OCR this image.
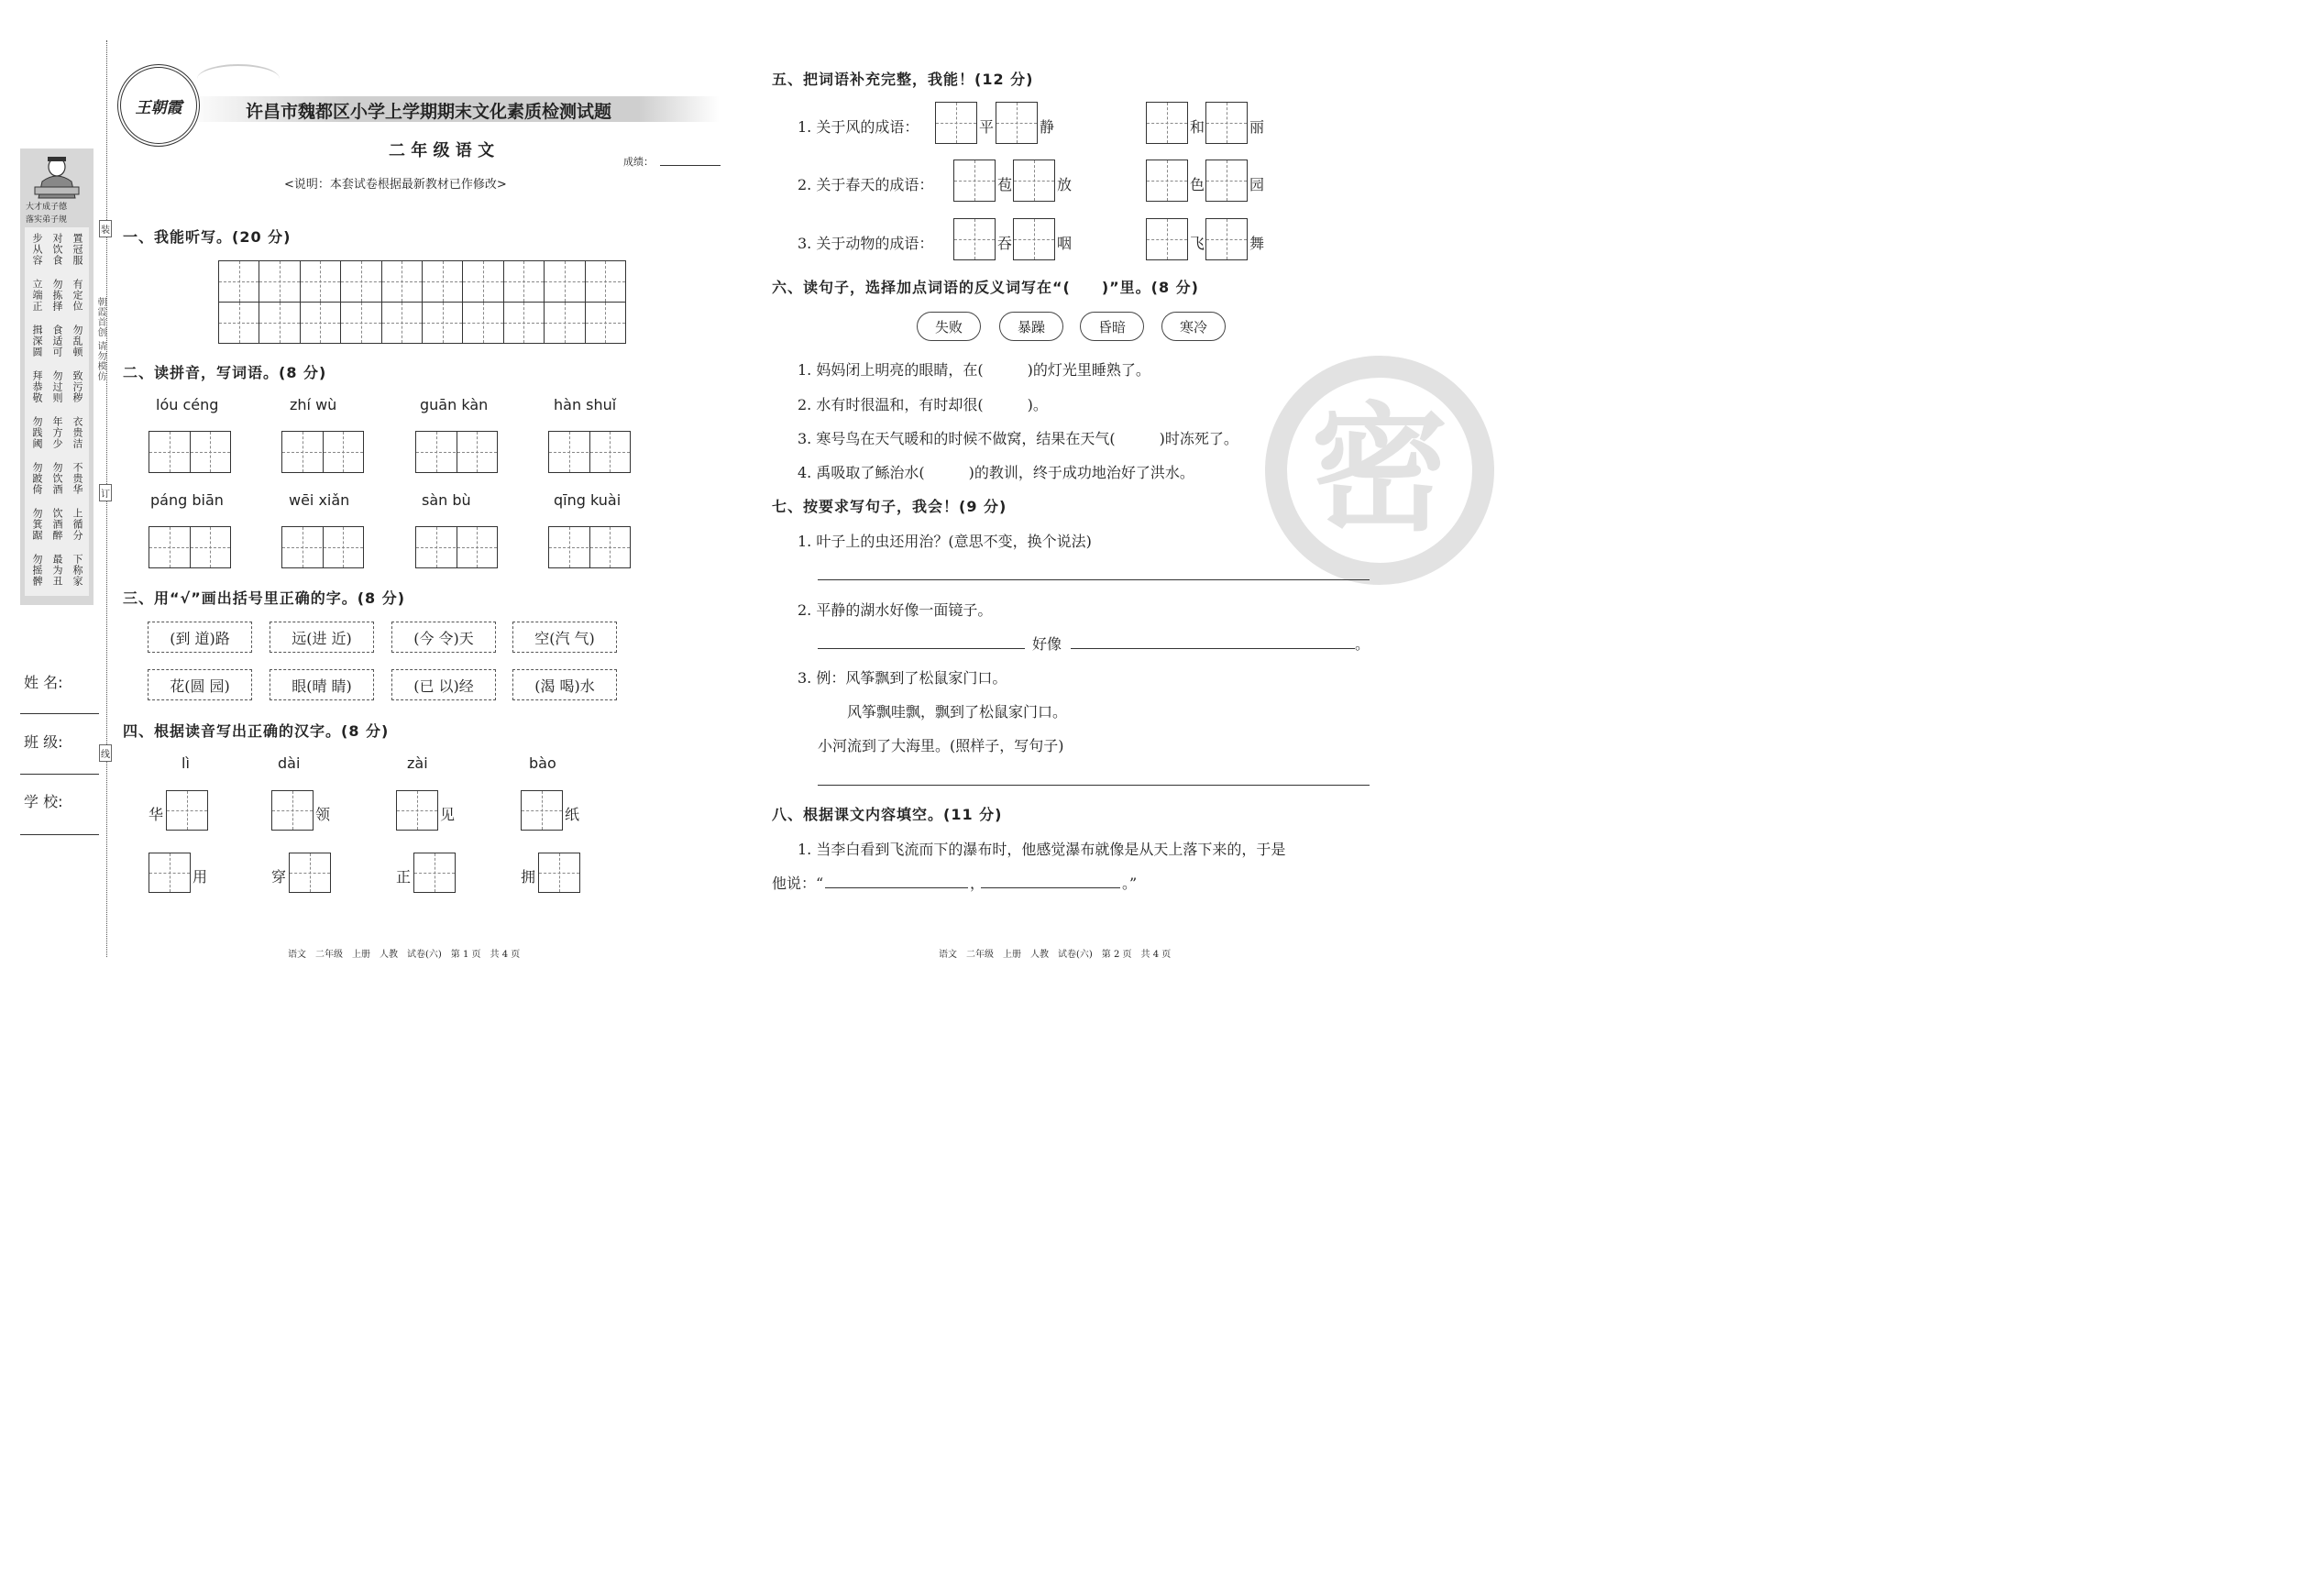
装
订
线
朝霞首创 请勿模仿
大才成子德
落实弟子规
步从容 对饮食 置冠服
立端正 勿拣择 有定位
揖深圆 食适可 勿乱顿
拜恭敬 勿过则 致污秽
勿践阈 年方少 衣贵洁
勿跛倚 勿饮酒 不贵华
勿箕踞 饮酒醉 上循分
勿摇髀 最为丑 下称家
姓 名:
班 级:
学 校:
王朝霞	许昌市魏都区小学上学期期末文化素质检测试题
二 年 级 语 文
成绩：
<说明：本套试卷根据最新教材已作修改>
一、我能听写。(20 分)
二、读拼音，写词语。(8 分)
lóu céng	zhí wù	guān kàn	hàn shuǐ
páng biān	wēi xiǎn	sàn bù	qīng kuài
三、用“√”画出括号里正确的字。(8 分)
(到 道)路	远(进 近)	(今 令)天	空(汽 气)
花(圆 园)	眼(晴 睛)	(已 以)经	(渴 喝)水
四、根据读音写出正确的汉字。(8 分)
lì	dài	zài	bào
华	领	见	纸
用	穿	正	拥
语文　二年级　上册　人教　试卷(六)　第 1 页　共 4 页
密
五、把词语补充完整，我能！(12 分)
1. 关于风的成语：	平	静	和	丽
2. 关于春天的成语：	苞	放	色	园
3. 关于动物的成语：	吞	咽	飞	舞
六、读句子，选择加点词语的反义词写在“(　　)”里。(8 分)
失败	暴躁	昏暗	寒冷
1. 妈妈闭上明亮的眼睛，在(　　　)的灯光里睡熟了。
2. 水有时很温和，有时却很(　　　)。
3. 寒号鸟在天气暖和的时候不做窝，结果在天气(　　　)时冻死了。
4. 禹吸取了鲧治水(　　　)的教训，终于成功地治好了洪水。
七、按要求写句子，我会！(9 分)
1. 叶子上的虫还用治？(意思不变，换个说法)
2. 平静的湖水好像一面镜子。
好像	。
3. 例：风筝飘到了松鼠家门口。
风筝飘哇飘，飘到了松鼠家门口。
小河流到了大海里。(照样子，写句子)
八、根据课文内容填空。(11 分)
1. 当李白看到飞流而下的瀑布时，他感觉瀑布就像是从天上落下来的，于是
他说：“	，	。”
语文　二年级　上册　人教　试卷(六)　第 2 页　共 4 页
